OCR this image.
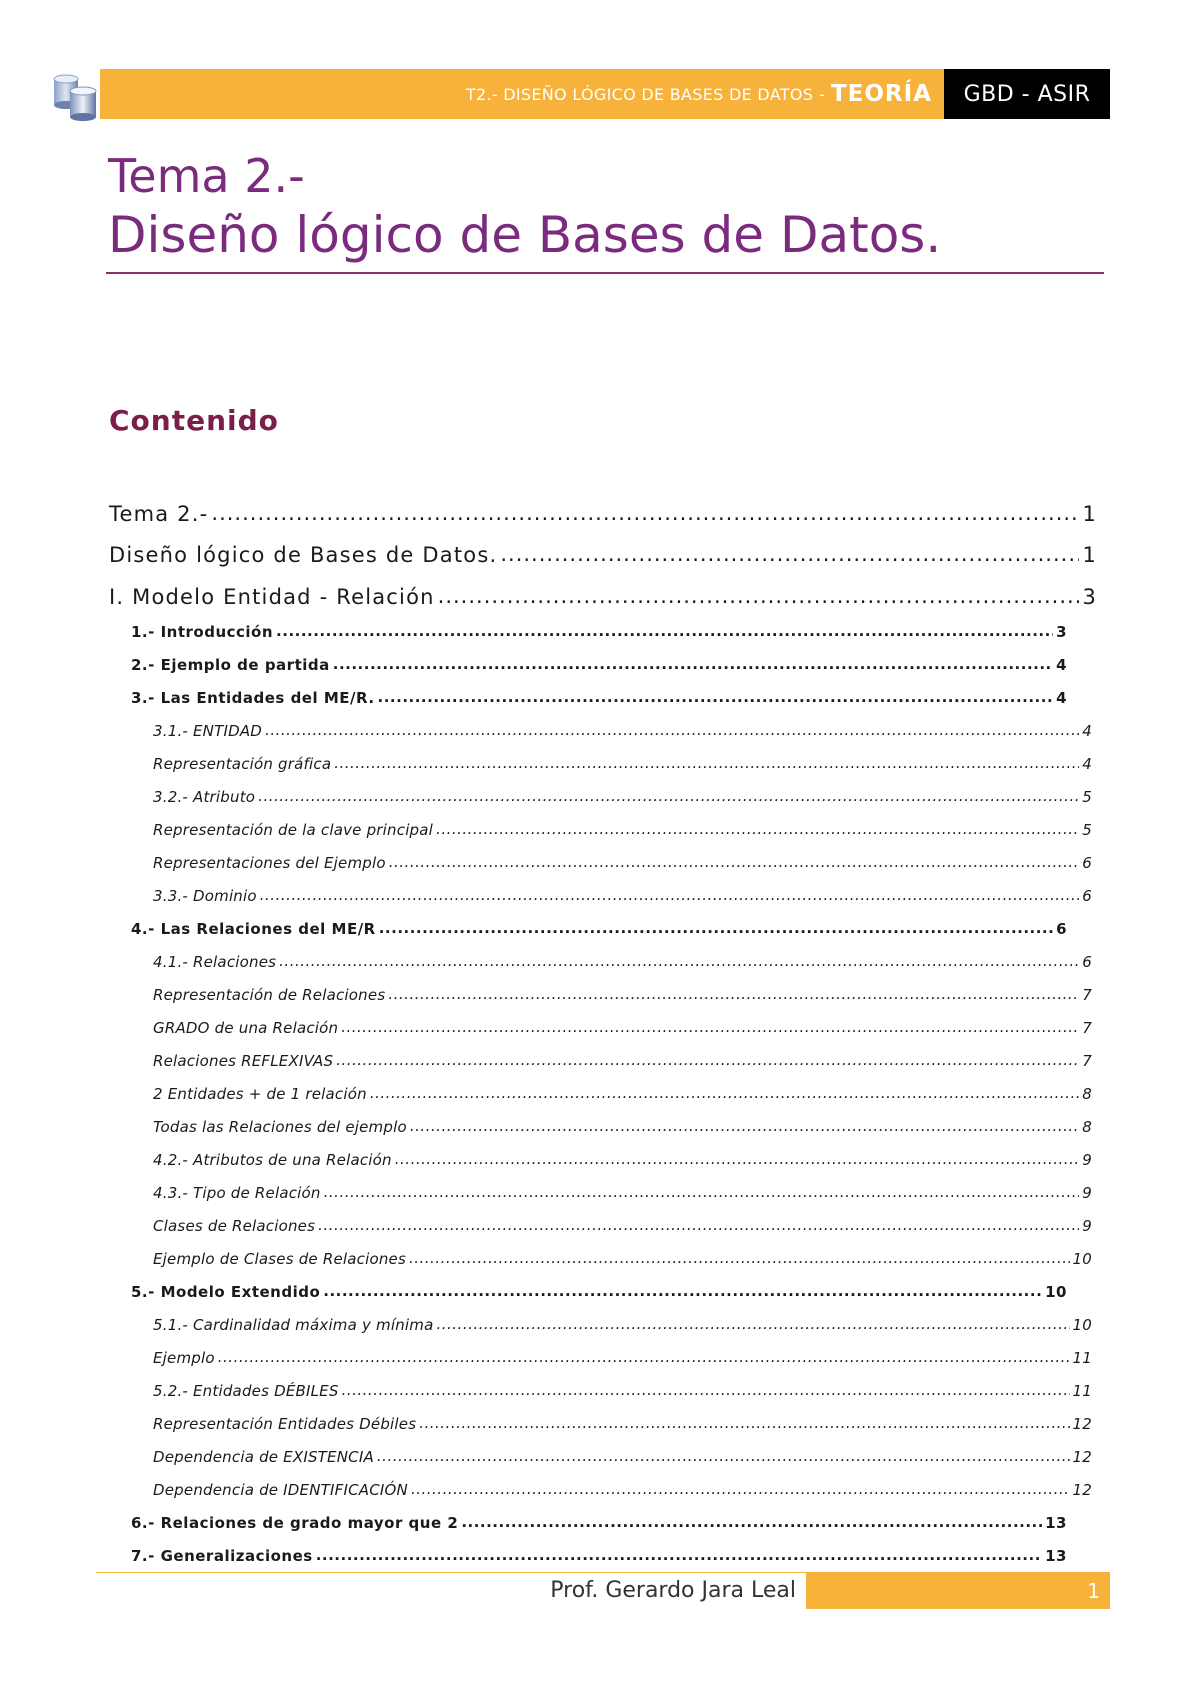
T2.- DISEÑO LÓGICO DE BASES DE DATOS - TEORÍA	GBD - ASIR
Tema 2.-
Diseño lógico de Bases de Datos.
Contenido
Tema 2.- .....	1
Diseño lógico de Bases de Datos. .....	1
I. Modelo Entidad - Relación .....	3
1.- Introducción .....	3
2.- Ejemplo de partida .....	4
3.- Las Entidades del ME/R. .....	4
3.1.- ENTIDAD .....	4
Representación gráfica .....	4
3.2.- Atributo .....	5
Representación de la clave principal .....	5
Representaciones del Ejemplo .....	6
3.3.- Dominio .....	6
4.- Las Relaciones del ME/R .....	6
4.1.- Relaciones .....	6
Representación de Relaciones .....	7
GRADO de una Relación .....	7
Relaciones REFLEXIVAS .....	7
2 Entidades + de 1 relación .....	8
Todas las Relaciones del ejemplo .....	8
4.2.- Atributos de una Relación .....	9
4.3.- Tipo de Relación .....	9
Clases de Relaciones .....	9
Ejemplo de Clases de Relaciones .....	10
5.- Modelo Extendido .....	10
5.1.- Cardinalidad máxima y mínima .....	10
Ejemplo .....	11
5.2.- Entidades DÉBILES .....	11
Representación Entidades Débiles .....	12
Dependencia de EXISTENCIA .....	12
Dependencia de IDENTIFICACIÓN .....	12
6.- Relaciones de grado mayor que 2 .....	13
7.- Generalizaciones .....	13
Prof. Gerardo Jara Leal	1
